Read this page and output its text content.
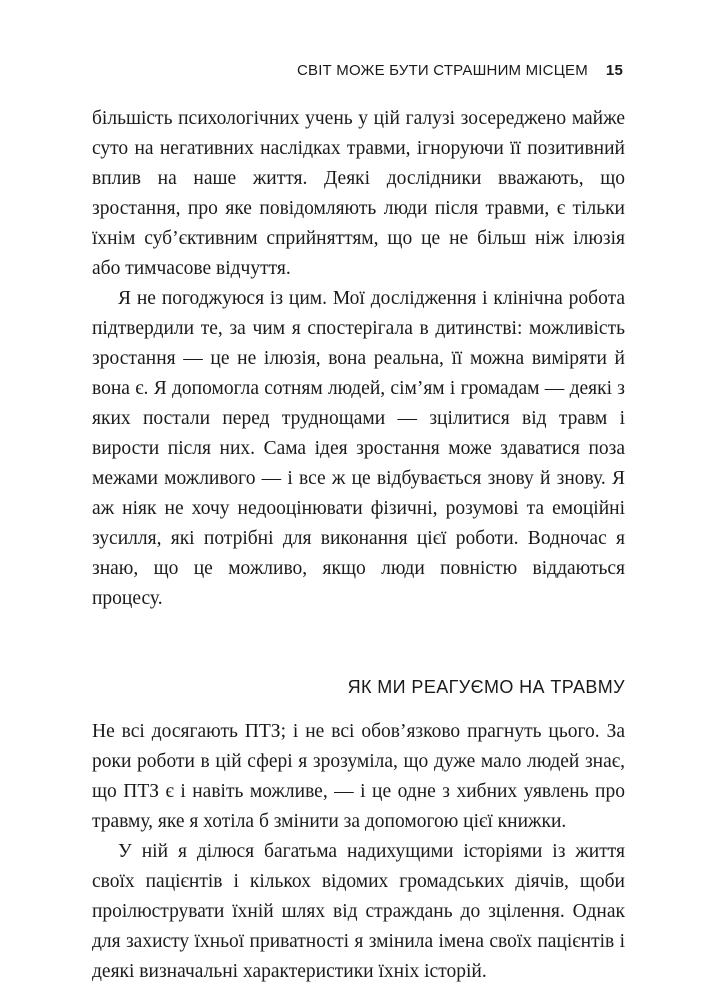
СВІТ МОЖЕ БУТИ СТРАШНИМ МІСЦЕМ 15

більшість психологічних учень у цій галузі зосереджено майже суто на негативних наслідках травми, ігноруючи її позитивний вплив на наше життя. Деякі дослідники вважають, що зростання, про яке повідомляють люди після травми, є тільки їхнім суб’єктивним сприйняттям, що це не більш ніж ілюзія або тимчасове відчуття.

Я не погоджуюся із цим. Мої дослідження і клінічна робота підтвердили те, за чим я спостерігала в дитинстві: можливість зростання — це не ілюзія, вона реальна, її можна виміряти й вона є. Я допомогла сотням людей, сім’ям і громадам — деякі з яких постали перед труднощами — зцілитися від травм і вирости після них. Сама ідея зростання може здаватися поза межами можливого — і все ж це відбувається знову й знову. Я аж ніяк не хочу недооцінювати фізичні, розумові та емоційні зусилля, які потрібні для виконання цієї роботи. Водночас я знаю, що це можливо, якщо люди повністю віддаються процесу.

ЯК МИ РЕАГУЄМО НА ТРАВМУ

Не всі досягають ПТЗ; і не всі обов’язково прагнуть цього. За роки роботи в цій сфері я зрозуміла, що дуже мало людей знає, що ПТЗ є і навіть можливе, — і це одне з хибних уявлень про травму, яке я хотіла б змінити за допомогою цієї книжки.

У ній я ділюся багатьма надихущими історіями із життя своїх пацієнтів і кількох відомих громадських діячів, щоби проілюструвати їхній шлях від страждань до зцілення. Однак для захисту їхньої приватності я змінила імена своїх пацієнтів і деякі визначальні характеристики їхніх історій.
